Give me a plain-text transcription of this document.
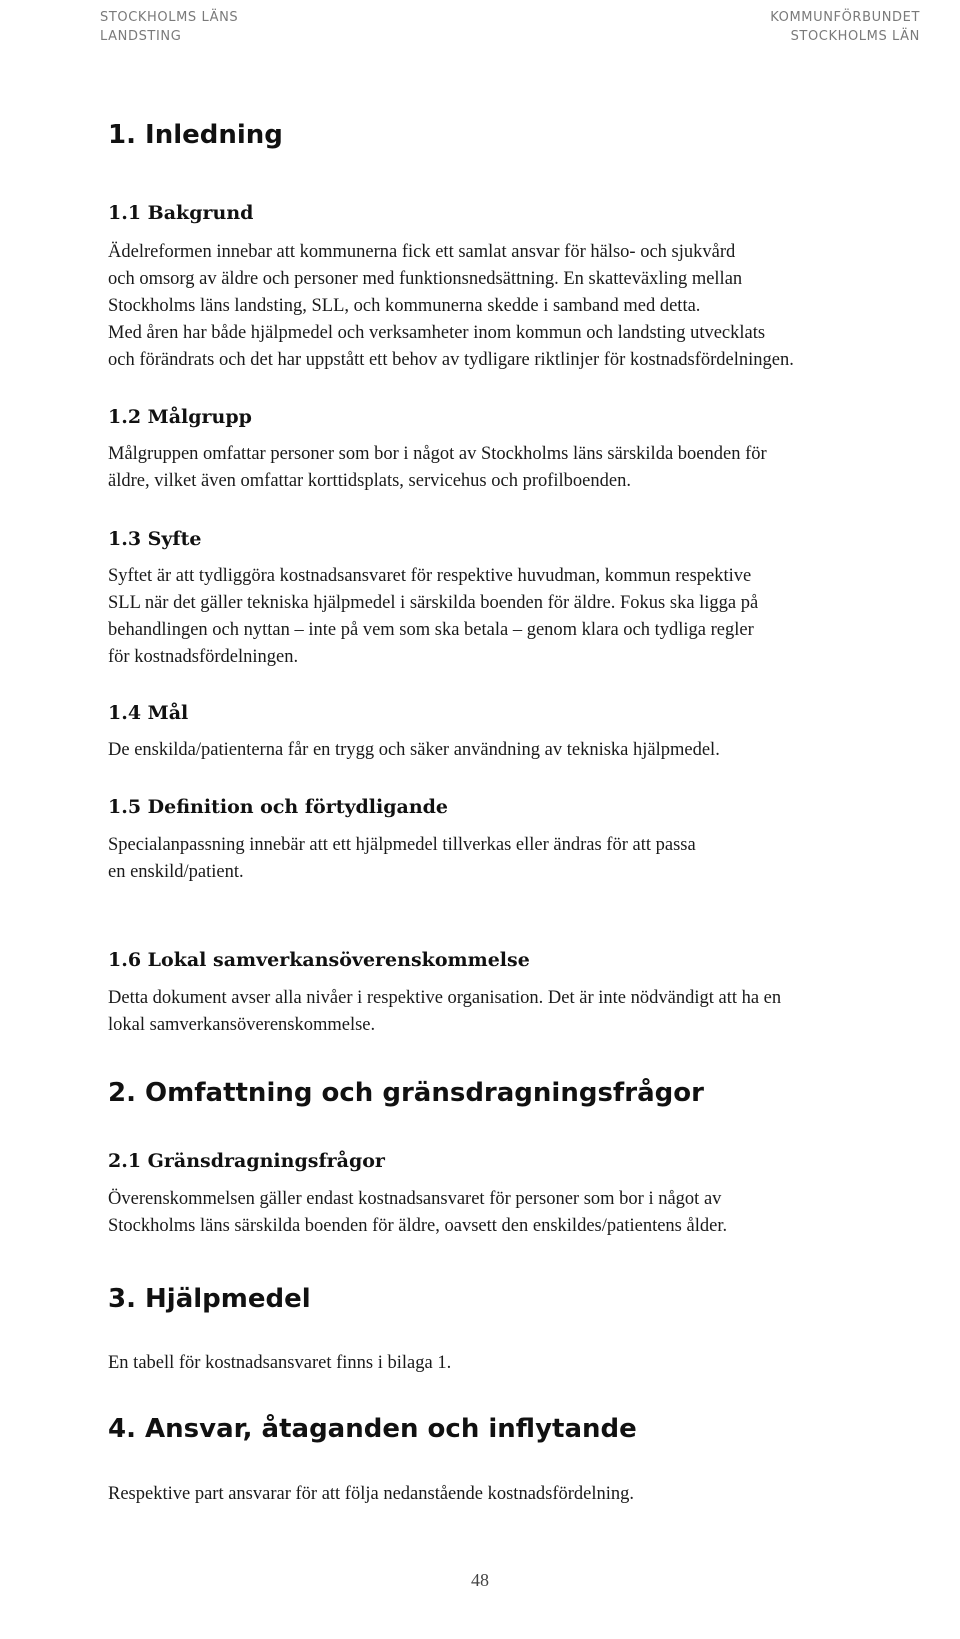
STOCKHOLMS LÄNS
LANDSTING
KOMMUNFÖRBUNDET
STOCKHOLMS LÄN
1. Inledning
1.1 Bakgrund
Ädelreformen innebar att kommunerna fick ett samlat ansvar för hälso- och sjukvård
och omsorg av äldre och personer med funktionsnedsättning. En skatteväxling mellan
Stockholms läns landsting, SLL, och kommunerna skedde i samband med detta.
Med åren har både hjälpmedel och verksamheter inom kommun och landsting utvecklats
och förändrats och det har uppstått ett behov av tydligare riktlinjer för kostnadsfördelningen.
1.2 Målgrupp
Målgruppen omfattar personer som bor i något av Stockholms läns särskilda boenden för
äldre, vilket även omfattar korttidsplats, servicehus och profilboenden.
1.3 Syfte
Syftet är att tydliggöra kostnadsansvaret för respektive huvudman, kommun respektive
SLL när det gäller tekniska hjälpmedel i särskilda boenden för äldre. Fokus ska ligga på
behandlingen och nyttan – inte på vem som ska betala – genom klara och tydliga regler
för kostnadsfördelningen.
1.4 Mål
De enskilda/patienterna får en trygg och säker användning av tekniska hjälpmedel.
1.5 Definition och förtydligande
Specialanpassning innebär att ett hjälpmedel tillverkas eller ändras för att passa
en enskild/patient.
1.6 Lokal samverkansöverenskommelse
Detta dokument avser alla nivåer i respektive organisation. Det är inte nödvändigt att ha en
lokal samverkansöverenskommelse.
2. Omfattning och gränsdragningsfrågor
2.1 Gränsdragningsfrågor
Överenskommelsen gäller endast kostnadsansvaret för personer som bor i något av
Stockholms läns särskilda boenden för äldre, oavsett den enskildes/patientens ålder.
3. Hjälpmedel
En tabell för kostnadsansvaret finns i bilaga 1.
4. Ansvar, åtaganden och inflytande
Respektive part ansvarar för att följa nedanstående kostnadsfördelning.
48
